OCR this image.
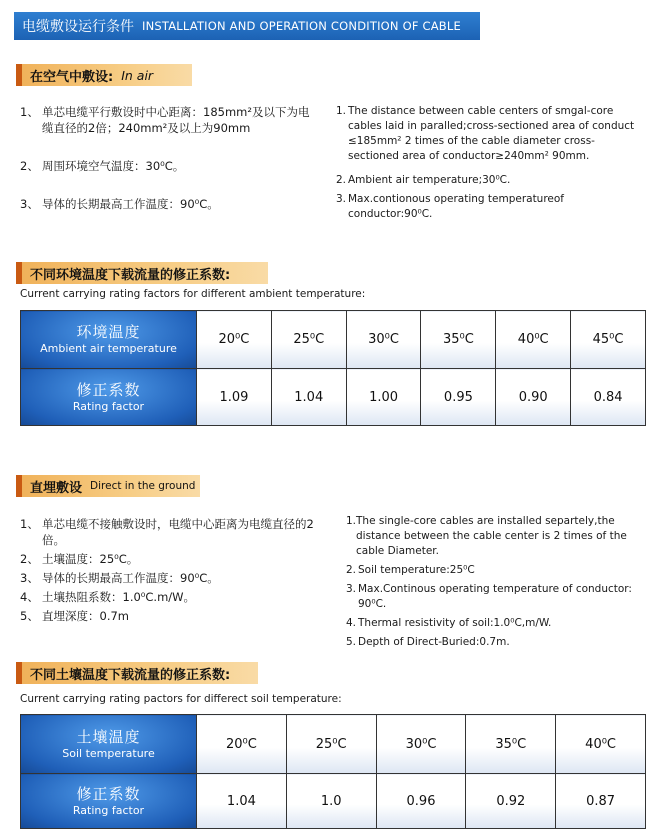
电缆敷设运行条件 INSTALLATION AND OPERATION CONDITION OF CABLE
在空气中敷设: In air
1、 单芯电缆平行敷设时中心距离：185mm²及以下为电缆直径的2倍；240mm²及以上为90mm
2、 周围环境空气温度：30⁰C。
3、 导体的长期最高工作温度：90⁰C。
1. The distance between cable centers of smgal-core cables laid in paralled;cross-sectioned area of conduct ≤185mm² 2 times of the cable diameter cross-sectioned area of conductor≥240mm² 90mm.
2. Ambient air temperature;30⁰C.
3. Max.contionous operating temperatureof conductor:90⁰C.
不同环境温度下载流量的修正系数:
Current carrying rating factors for different ambient temperature:
环境温度
Ambient air temperature	20⁰C	25⁰C	30⁰C	35⁰C	40⁰C	45⁰C

修正系数
Rating factor	1.09	1.04	1.00	0.95	0.90	0.84
直埋敷设 Direct in the ground
1、 单芯电缆不接触敷设时，电缆中心距离为电缆直径的2倍。
2、 土壤温度：25⁰C。
3、 导体的长期最高工作温度：90⁰C。
4、 土壤热阻系数：1.0⁰C.m/W。
5、 直埋深度：0.7m
1. The single-core cables are installed separtely,the distance between the cable center is 2 times of the cable Diameter.
2. Soil temperature:25⁰C
3. Max.Continous operating temperature of conductor: 90⁰C.
4. Thermal resistivity of soil:1.0⁰C,m/W.
5. Depth of Direct-Buried:0.7m.
不同土壤温度下载流量的修正系数:
Current carrying rating pactors for differect soil temperature:
土壤温度
Soil temperature	20⁰C	25⁰C	30⁰C	35⁰C	40⁰C

修正系数
Rating factor	1.04	1.0	0.96	0.92	0.87
